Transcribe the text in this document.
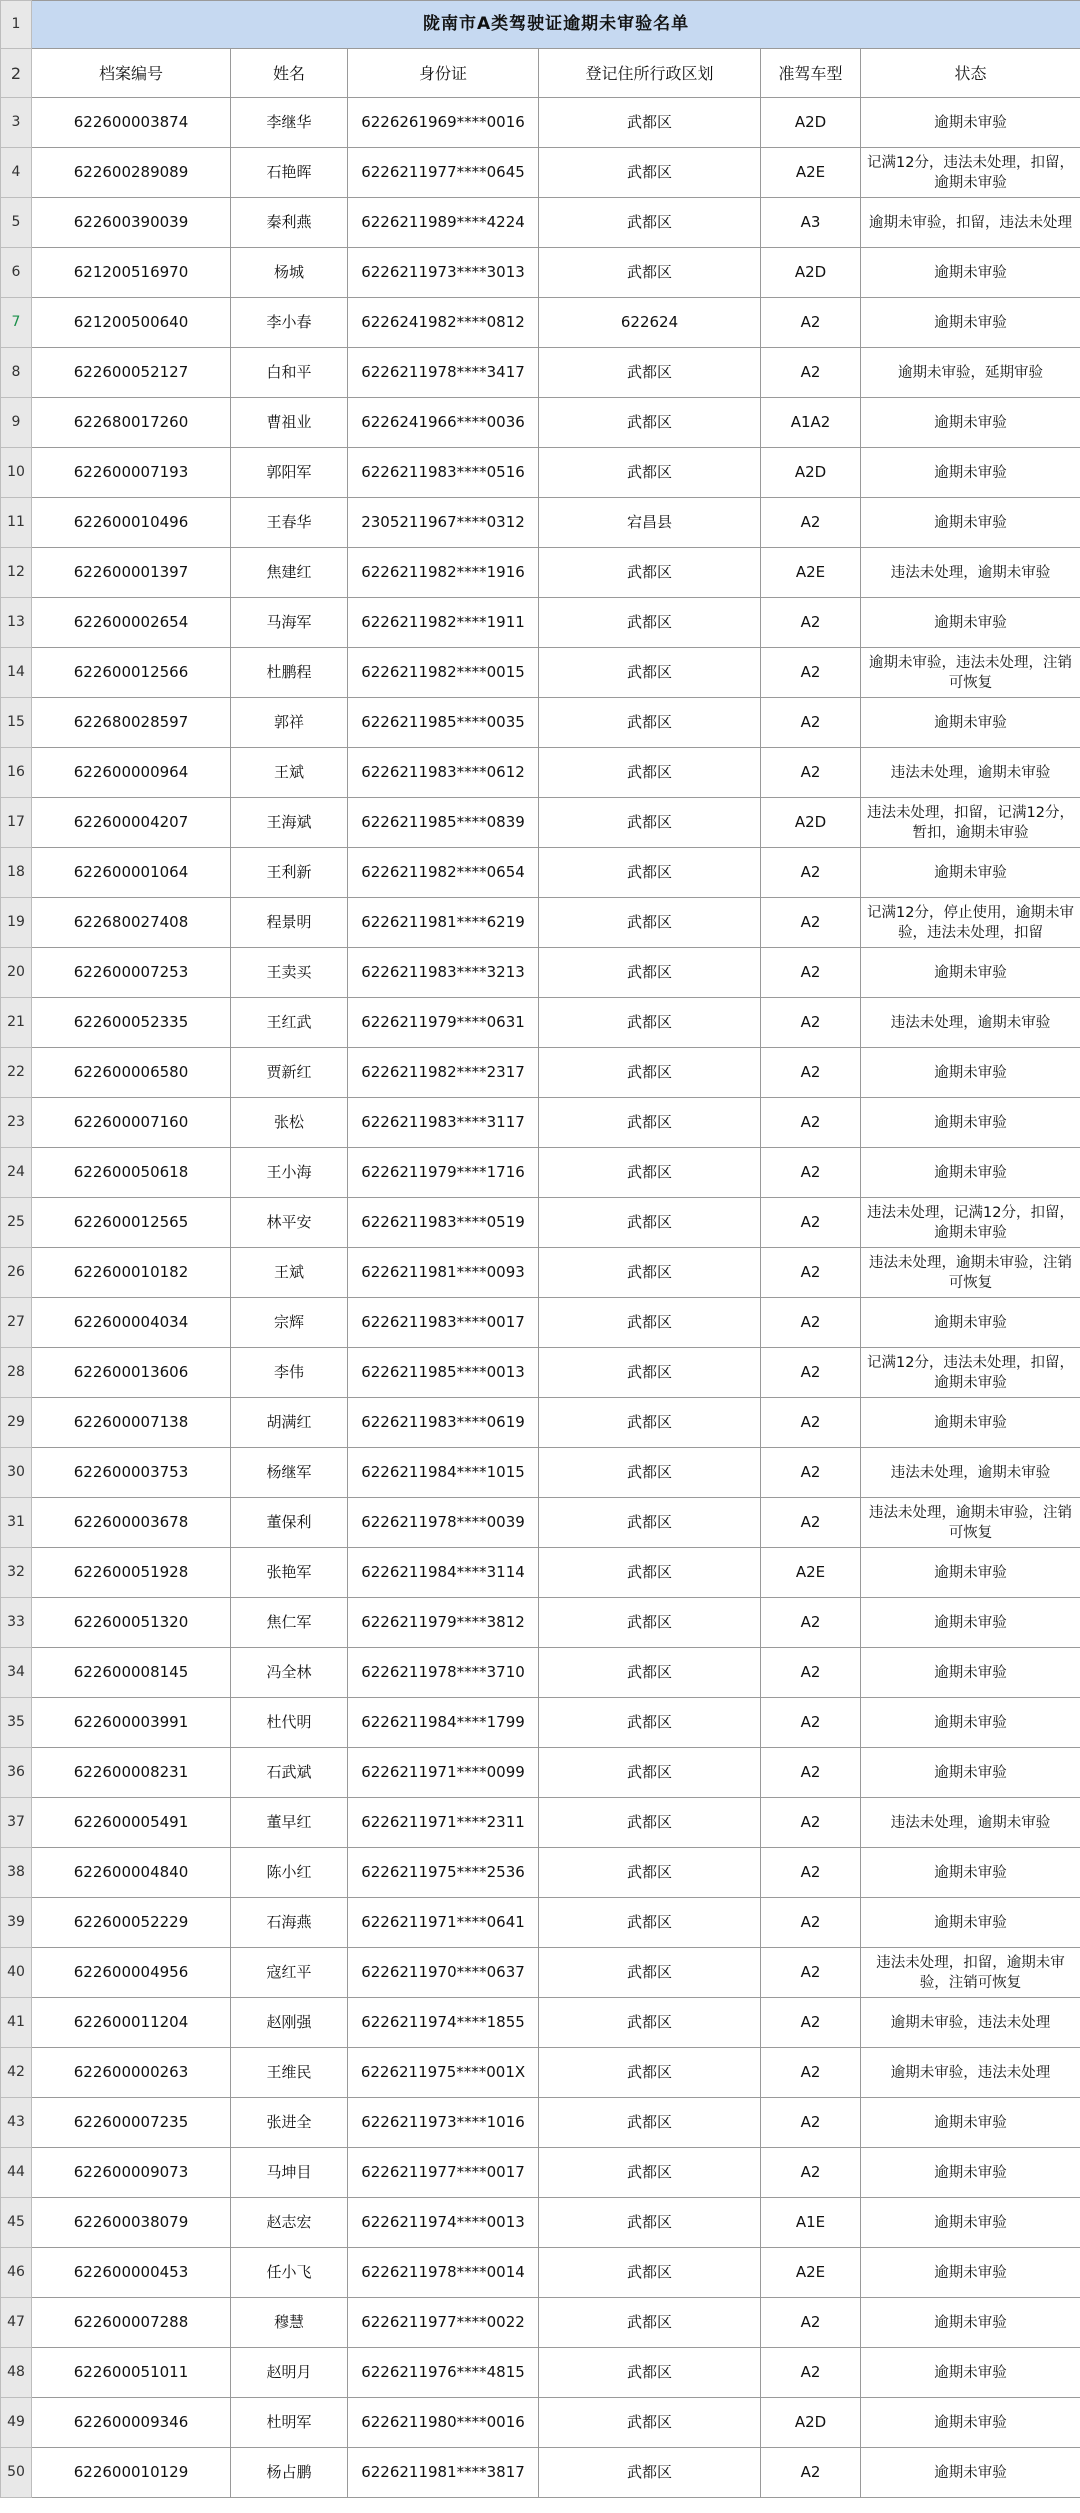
1	陇南市A类驾驶证逾期未审验名单					
2	档案编号	姓名	身份证	登记住所行政区划	准驾车型	状态
3	622600003874	李继华	6226261969****0016	武都区	A2D	逾期未审验
4	622600289089	石艳晖	6226211977****0645	武都区	A2E	记满12分，违法未处理，扣留，逾期未审验
5	622600390039	秦利燕	6226211989****4224	武都区	A3	逾期未审验，扣留，违法未处理
6	621200516970	杨城	6226211973****3013	武都区	A2D	逾期未审验
7	621200500640	李小春	6226241982****0812	622624	A2	逾期未审验
8	622600052127	白和平	6226211978****3417	武都区	A2	逾期未审验，延期审验
9	622680017260	曹祖业	6226241966****0036	武都区	A1A2	逾期未审验
10	622600007193	郭阳军	6226211983****0516	武都区	A2D	逾期未审验
11	622600010496	王春华	2305211967****0312	宕昌县	A2	逾期未审验
12	622600001397	焦建红	6226211982****1916	武都区	A2E	违法未处理，逾期未审验
13	622600002654	马海军	6226211982****1911	武都区	A2	逾期未审验
14	622600012566	杜鹏程	6226211982****0015	武都区	A2	逾期未审验，违法未处理，注销可恢复
15	622680028597	郭祥	6226211985****0035	武都区	A2	逾期未审验
16	622600000964	王斌	6226211983****0612	武都区	A2	违法未处理，逾期未审验
17	622600004207	王海斌	6226211985****0839	武都区	A2D	违法未处理，扣留，记满12分，暂扣，逾期未审验
18	622600001064	王利新	6226211982****0654	武都区	A2	逾期未审验
19	622680027408	程景明	6226211981****6219	武都区	A2	记满12分，停止使用，逾期未审验，违法未处理，扣留
20	622600007253	王卖买	6226211983****3213	武都区	A2	逾期未审验
21	622600052335	王红武	6226211979****0631	武都区	A2	违法未处理，逾期未审验
22	622600006580	贾新红	6226211982****2317	武都区	A2	逾期未审验
23	622600007160	张松	6226211983****3117	武都区	A2	逾期未审验
24	622600050618	王小海	6226211979****1716	武都区	A2	逾期未审验
25	622600012565	林平安	6226211983****0519	武都区	A2	违法未处理，记满12分，扣留，逾期未审验
26	622600010182	王斌	6226211981****0093	武都区	A2	违法未处理，逾期未审验，注销可恢复
27	622600004034	宗辉	6226211983****0017	武都区	A2	逾期未审验
28	622600013606	李伟	6226211985****0013	武都区	A2	记满12分，违法未处理，扣留，逾期未审验
29	622600007138	胡满红	6226211983****0619	武都区	A2	逾期未审验
30	622600003753	杨继军	6226211984****1015	武都区	A2	违法未处理，逾期未审验
31	622600003678	董保利	6226211978****0039	武都区	A2	违法未处理，逾期未审验，注销可恢复
32	622600051928	张艳军	6226211984****3114	武都区	A2E	逾期未审验
33	622600051320	焦仁军	6226211979****3812	武都区	A2	逾期未审验
34	622600008145	冯全林	6226211978****3710	武都区	A2	逾期未审验
35	622600003991	杜代明	6226211984****1799	武都区	A2	逾期未审验
36	622600008231	石武斌	6226211971****0099	武都区	A2	逾期未审验
37	622600005491	董早红	6226211971****2311	武都区	A2	违法未处理，逾期未审验
38	622600004840	陈小红	6226211975****2536	武都区	A2	逾期未审验
39	622600052229	石海燕	6226211971****0641	武都区	A2	逾期未审验
40	622600004956	寇红平	6226211970****0637	武都区	A2	违法未处理，扣留，逾期未审验，注销可恢复
41	622600011204	赵刚强	6226211974****1855	武都区	A2	逾期未审验，违法未处理
42	622600000263	王维民	6226211975****001X	武都区	A2	逾期未审验，违法未处理
43	622600007235	张进全	6226211973****1016	武都区	A2	逾期未审验
44	622600009073	马坤目	6226211977****0017	武都区	A2	逾期未审验
45	622600038079	赵志宏	6226211974****0013	武都区	A1E	逾期未审验
46	622600000453	任小飞	6226211978****0014	武都区	A2E	逾期未审验
47	622600007288	穆慧	6226211977****0022	武都区	A2	逾期未审验
48	622600051011	赵明月	6226211976****4815	武都区	A2	逾期未审验
49	622600009346	杜明军	6226211980****0016	武都区	A2D	逾期未审验
50	622600010129	杨占鹏	6226211981****3817	武都区	A2	逾期未审验
